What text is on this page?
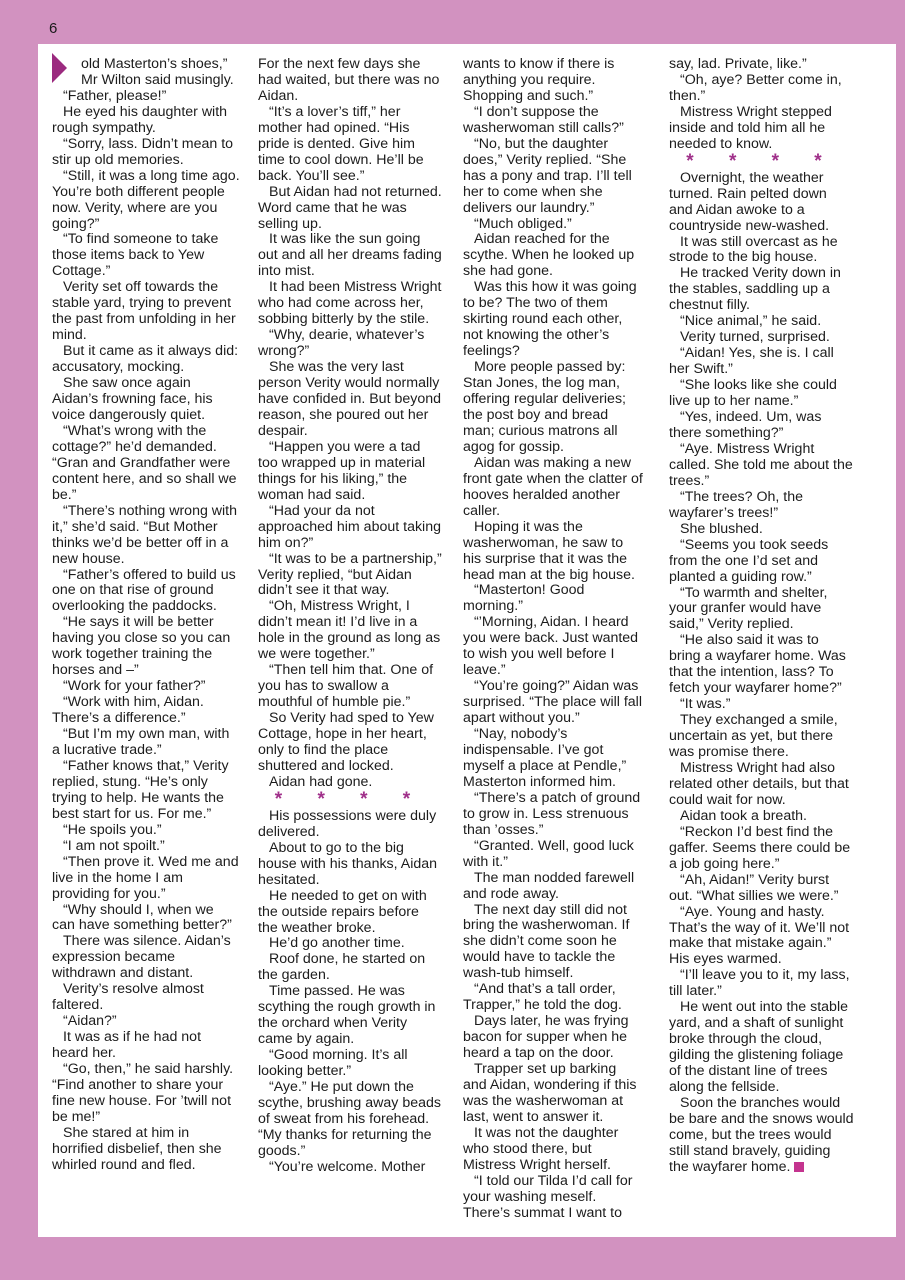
6

old Masterton’s shoes,” Mr Wilton said musingly.

“Father, please!”

He eyed his daughter with rough sympathy.

“Sorry, lass. Didn’t mean to stir up old memories.

“Still, it was a long time ago. You’re both different people now. Verity, where are you going?”

“To find someone to take those items back to Yew Cottage.”

Verity set off towards the stable yard, trying to prevent the past from unfolding in her mind.

But it came as it always did: accusatory, mocking.

She saw once again Aidan’s frowning face, his voice dangerously quiet.

“What’s wrong with the cottage?” he’d demanded. “Gran and Grandfather were content here, and so shall we be.”

“There’s nothing wrong with it,” she’d said. “But Mother thinks we’d be better off in a new house.

“Father’s offered to build us one on that rise of ground overlooking the paddocks.

“He says it will be better having you close so you can work together training the horses and –”

“Work for your father?”

“Work with him, Aidan. There’s a difference.”

“But I’m my own man, with a lucrative trade.”

“Father knows that,” Verity replied, stung. “He’s only trying to help. He wants the best start for us. For me.”

“He spoils you.”

“I am not spoilt.”

“Then prove it. Wed me and live in the home I am providing for you.”

“Why should I, when we can have something better?”

There was silence. Aidan’s expression became withdrawn and distant.

Verity’s resolve almost faltered.

“Aidan?”

It was as if he had not heard her.

“Go, then,” he said harshly. “Find another to share your fine new house. For ’twill not be me!”

She stared at him in horrified disbelief, then she whirled round and fled.

For the next few days she had waited, but there was no Aidan.

“It’s a lover’s tiff,” her mother had opined. “His pride is dented. Give him time to cool down. He’ll be back. You’ll see.”

But Aidan had not returned. Word came that he was selling up.

It was like the sun going out and all her dreams fading into mist.

It had been Mistress Wright who had come across her, sobbing bitterly by the stile.

“Why, dearie, whatever’s wrong?”

She was the very last person Verity would normally have confided in. But beyond reason, she poured out her despair.

“Happen you were a tad too wrapped up in material things for his liking,” the woman had said.

“Had your da not approached him about taking him on?”

“It was to be a partnership,” Verity replied, “but Aidan didn’t see it that way.

“Oh, Mistress Wright, I didn’t mean it! I’d live in a hole in the ground as long as we were together.”

“Then tell him that. One of you has to swallow a mouthful of humble pie.”

So Verity had sped to Yew Cottage, hope in her heart, only to find the place shuttered and locked.

Aidan had gone.

* * * *

His possessions were duly delivered.

About to go to the big house with his thanks, Aidan hesitated.

He needed to get on with the outside repairs before the weather broke.

He’d go another time.

Roof done, he started on the garden.

Time passed. He was scything the rough growth in the orchard when Verity came by again.

“Good morning. It’s all looking better.”

“Aye.” He put down the scythe, brushing away beads of sweat from his forehead. “My thanks for returning the goods.”

“You’re welcome. Mother

wants to know if there is anything you require. Shopping and such.”

“I don’t suppose the washerwoman still calls?”

“No, but the daughter does,” Verity replied. “She has a pony and trap. I’ll tell her to come when she delivers our laundry.”

“Much obliged.”

Aidan reached for the scythe. When he looked up she had gone.

Was this how it was going to be? The two of them skirting round each other, not knowing the other’s feelings?

More people passed by: Stan Jones, the log man, offering regular deliveries; the post boy and bread man; curious matrons all agog for gossip.

Aidan was making a new front gate when the clatter of hooves heralded another caller.

Hoping it was the washerwoman, he saw to his surprise that it was the head man at the big house.

“Masterton! Good morning.”

“’Morning, Aidan. I heard you were back. Just wanted to wish you well before I leave.”

“You’re going?” Aidan was surprised. “The place will fall apart without you.”

“Nay, nobody’s indispensable. I’ve got myself a place at Pendle,” Masterton informed him.

“There’s a patch of ground to grow in. Less strenuous than ’osses.”

“Granted. Well, good luck with it.”

The man nodded farewell and rode away.

The next day still did not bring the washerwoman. If she didn’t come soon he would have to tackle the wash-tub himself.

“And that’s a tall order, Trapper,” he told the dog.

Days later, he was frying bacon for supper when he heard a tap on the door.

Trapper set up barking and Aidan, wondering if this was the washerwoman at last, went to answer it.

It was not the daughter who stood there, but Mistress Wright herself.

“I told our Tilda I’d call for your washing meself. There’s summat I want to

say, lad. Private, like.”

“Oh, aye? Better come in, then.”

Mistress Wright stepped inside and told him all he needed to know.

* * * *

Overnight, the weather turned. Rain pelted down and Aidan awoke to a countryside new-washed.

It was still overcast as he strode to the big house.

He tracked Verity down in the stables, saddling up a chestnut filly.

“Nice animal,” he said.

Verity turned, surprised.

“Aidan! Yes, she is. I call her Swift.”

“She looks like she could live up to her name.”

“Yes, indeed. Um, was there something?”

“Aye. Mistress Wright called. She told me about the trees.”

“The trees? Oh, the wayfarer’s trees!”

She blushed.

“Seems you took seeds from the one I’d set and planted a guiding row.”

“To warmth and shelter, your granfer would have said,” Verity replied.

“He also said it was to bring a wayfarer home. Was that the intention, lass? To fetch your wayfarer home?”

“It was.”

They exchanged a smile, uncertain as yet, but there was promise there.

Mistress Wright had also related other details, but that could wait for now.

Aidan took a breath.

“Reckon I’d best find the gaffer. Seems there could be a job going here.”

“Ah, Aidan!” Verity burst out. “What sillies we were.”

“Aye. Young and hasty. That’s the way of it. We’ll not make that mistake again.” His eyes warmed.

“I’ll leave you to it, my lass, till later.”

He went out into the stable yard, and a shaft of sunlight broke through the cloud, gilding the glistening foliage of the distant line of trees along the fellside.

Soon the branches would be bare and the snows would come, but the trees would still stand bravely, guiding the wayfarer home.
